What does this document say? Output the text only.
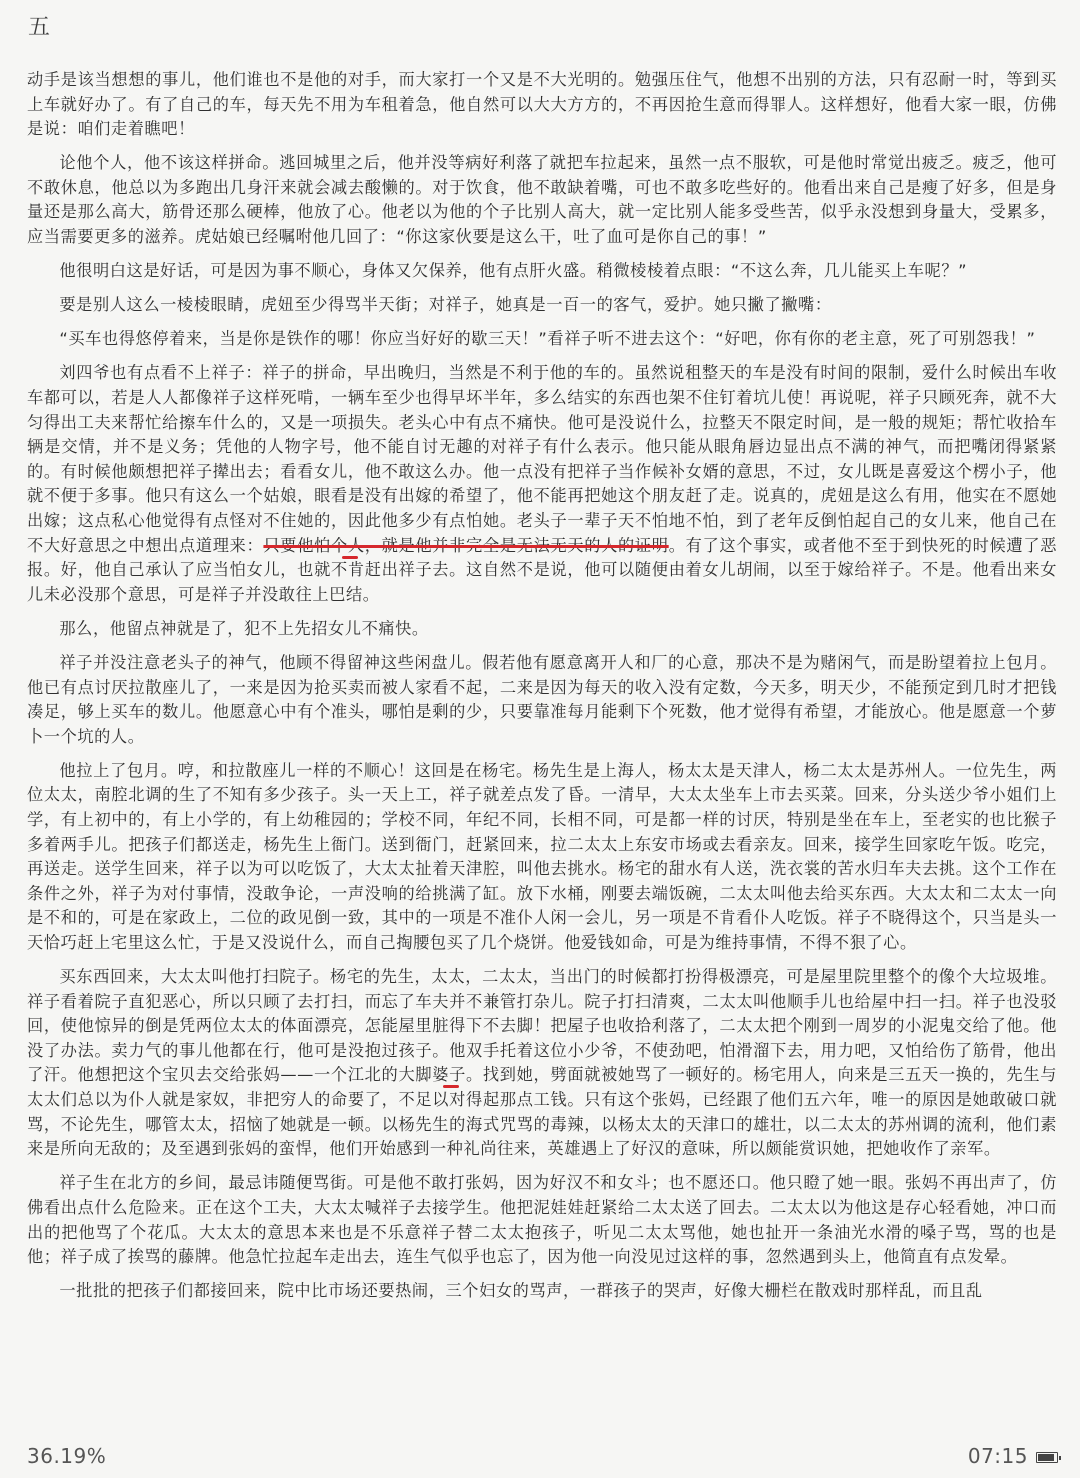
五

动手是该当想想的事儿，他们谁也不是他的对手，而大家打一个又是不大光明的。勉强压住气，他想不出别的方法，只有忍耐一时，等到买上车就好办了。有了自己的车，每天先不用为车租着急，他自然可以大大方方的，不再因抢生意而得罪人。这样想好，他看大家一眼，仿佛是说：咱们走着瞧吧！

论他个人，他不该这样拼命。逃回城里之后，他并没等病好利落了就把车拉起来，虽然一点不服软，可是他时常觉出疲乏。疲乏，他可不敢休息，他总以为多跑出几身汗来就会减去酸懒的。对于饮食，他不敢缺着嘴，可也不敢多吃些好的。他看出来自己是瘦了好多，但是身量还是那么高大，筋骨还那么硬棒，他放了心。他老以为他的个子比别人高大，就一定比别人能多受些苦，似乎永没想到身量大，受累多，应当需要更多的滋养。虎姑娘已经嘱咐他几回了：“你这家伙要是这么干，吐了血可是你自己的事！”

他很明白这是好话，可是因为事不顺心，身体又欠保养，他有点肝火盛。稍微棱棱着点眼：“不这么奔，几儿能买上车呢？”

要是别人这么一棱棱眼睛，虎妞至少得骂半天街；对祥子，她真是一百一的客气，爱护。她只撇了撇嘴：

“买车也得悠停着来，当是你是铁作的哪！你应当好好的歇三天！”看祥子听不进去这个：“好吧，你有你的老主意，死了可别怨我！”

刘四爷也有点看不上祥子：祥子的拼命，早出晚归，当然是不利于他的车的。虽然说租整天的车是没有时间的限制，爱什么时候出车收车都可以，若是人人都像祥子这样死啃，一辆车至少也得早坏半年，多么结实的东西也架不住钉着坑儿使！再说呢，祥子只顾死奔，就不大匀得出工夫来帮忙给擦车什么的，又是一项损失。老头心中有点不痛快。他可是没说什么，拉整天不限定时间，是一般的规矩；帮忙收拾车辆是交情，并不是义务；凭他的人物字号，他不能自讨无趣的对祥子有什么表示。他只能从眼角唇边显出点不满的神气，而把嘴闭得紧紧的。有时候他颇想把祥子撵出去；看看女儿，他不敢这么办。他一点没有把祥子当作候补女婿的意思，不过，女儿既是喜爱这个楞小子，他就不便于多事。他只有这么一个姑娘，眼看是没有出嫁的希望了，他不能再把她这个朋友赶了走。说真的，虎妞是这么有用，他实在不愿她出嫁；这点私心他觉得有点怪对不住她的，因此他多少有点怕她。老头子一辈子天不怕地不怕，到了老年反倒怕起自己的女儿来，他自己在不大好意思之中想出点道理来：只要他怕个人，就是他并非完全是无法无天的人的证明。有了这个事实，或者他不至于到快死的时候遭了恶报。好，他自己承认了应当怕女儿，也就不肯赶出祥子去。这自然不是说，他可以随便由着女儿胡闹，以至于嫁给祥子。不是。他看出来女儿未必没那个意思，可是祥子并没敢往上巴结。

那么，他留点神就是了，犯不上先招女儿不痛快。

祥子并没注意老头子的神气，他顾不得留神这些闲盘儿。假若他有愿意离开人和厂的心意，那决不是为赌闲气，而是盼望着拉上包月。他已有点讨厌拉散座儿了，一来是因为抢买卖而被人家看不起，二来是因为每天的收入没有定数，今天多，明天少，不能预定到几时才把钱凑足，够上买车的数儿。他愿意心中有个准头，哪怕是剩的少，只要靠准每月能剩下个死数，他才觉得有希望，才能放心。他是愿意一个萝卜一个坑的人。

他拉上了包月。哼，和拉散座儿一样的不顺心！这回是在杨宅。杨先生是上海人，杨太太是天津人，杨二太太是苏州人。一位先生，两位太太，南腔北调的生了不知有多少孩子。头一天上工，祥子就差点发了昏。一清早，大太太坐车上市去买菜。回来，分头送少爷小姐们上学，有上初中的，有上小学的，有上幼稚园的；学校不同，年纪不同，长相不同，可是都一样的讨厌，特别是坐在车上，至老实的也比猴子多着两手儿。把孩子们都送走，杨先生上衙门。送到衙门，赶紧回来，拉二太太上东安市场或去看亲友。回来，接学生回家吃午饭。吃完，再送走。送学生回来，祥子以为可以吃饭了，大太太扯着天津腔，叫他去挑水。杨宅的甜水有人送，洗衣裳的苦水归车夫去挑。这个工作在条件之外，祥子为对付事情，没敢争论，一声没响的给挑满了缸。放下水桶，刚要去端饭碗，二太太叫他去给买东西。大太太和二太太一向是不和的，可是在家政上，二位的政见倒一致，其中的一项是不准仆人闲一会儿，另一项是不肯看仆人吃饭。祥子不晓得这个，只当是头一天恰巧赶上宅里这么忙，于是又没说什么，而自己掏腰包买了几个烧饼。他爱钱如命，可是为维持事情，不得不狠了心。

买东西回来，大太太叫他打扫院子。杨宅的先生，太太，二太太，当出门的时候都打扮得极漂亮，可是屋里院里整个的像个大垃圾堆。祥子看着院子直犯恶心，所以只顾了去打扫，而忘了车夫并不兼管打杂儿。院子打扫清爽，二太太叫他顺手儿也给屋中扫一扫。祥子也没驳回，使他惊异的倒是凭两位太太的体面漂亮，怎能屋里脏得下不去脚！把屋子也收拾利落了，二太太把个刚到一周岁的小泥鬼交给了他。他没了办法。卖力气的事儿他都在行，他可是没抱过孩子。他双手托着这位小少爷，不使劲吧，怕滑溜下去，用力吧，又怕给伤了筋骨，他出了汗。他想把这个宝贝去交给张妈——一个江北的大脚婆子。找到她，劈面就被她骂了一顿好的。杨宅用人，向来是三五天一换的，先生与太太们总以为仆人就是家奴，非把穷人的命要了，不足以对得起那点工钱。只有这个张妈，已经跟了他们五六年，唯一的原因是她敢破口就骂，不论先生，哪管太太，招恼了她就是一顿。以杨先生的海式咒骂的毒辣，以杨太太的天津口的雄壮，以二太太的苏州调的流利，他们素来是所向无敌的；及至遇到张妈的蛮悍，他们开始感到一种礼尚往来，英雄遇上了好汉的意味，所以颇能赏识她，把她收作了亲军。

祥子生在北方的乡间，最忌讳随便骂街。可是他不敢打张妈，因为好汉不和女斗；也不愿还口。他只瞪了她一眼。张妈不再出声了，仿佛看出点什么危险来。正在这个工夫，大太太喊祥子去接学生。他把泥娃娃赶紧给二太太送了回去。二太太以为他这是存心轻看她，冲口而出的把他骂了个花瓜。大太太的意思本来也是不乐意祥子替二太太抱孩子，听见二太太骂他，她也扯开一条油光水滑的嗓子骂，骂的也是他；祥子成了挨骂的藤牌。他急忙拉起车走出去，连生气似乎也忘了，因为他一向没见过这样的事，忽然遇到头上，他简直有点发晕。

一批批的把孩子们都接回来，院中比市场还要热闹，三个妇女的骂声，一群孩子的哭声，好像大栅栏在散戏时那样乱，而且乱

36.19%	07:15
